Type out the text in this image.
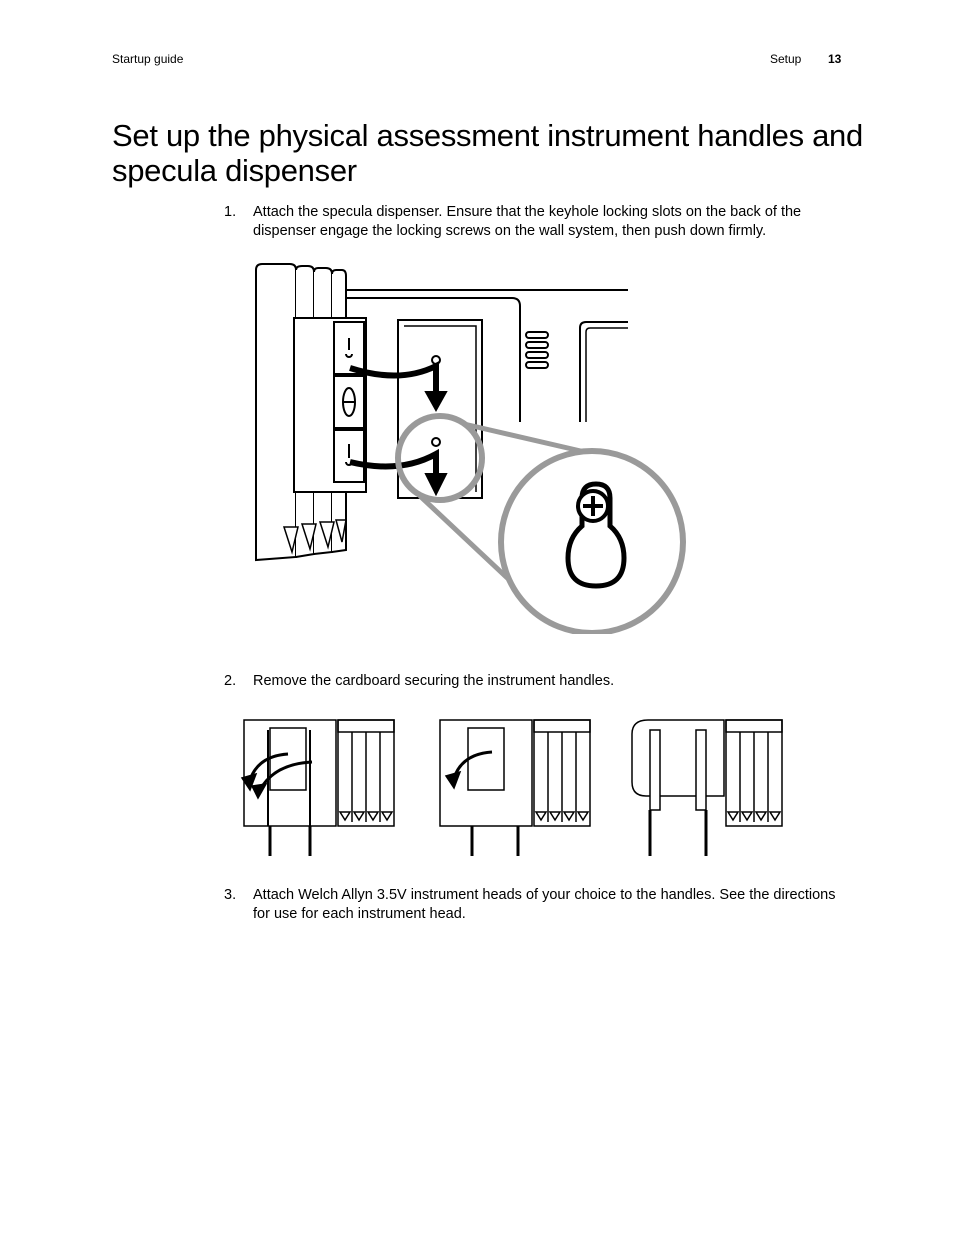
Startup guide	Setup 13
Set up the physical assessment instrument handles and specula dispenser
1. Attach the specula dispenser. Ensure that the keyhole locking slots on the back of the dispenser engage the locking screws on the wall system, then push down firmly.
2. Remove the cardboard securing the instrument handles.
3. Attach Welch Allyn 3.5V instrument heads of your choice to the handles. See the directions for use for each instrument head.
